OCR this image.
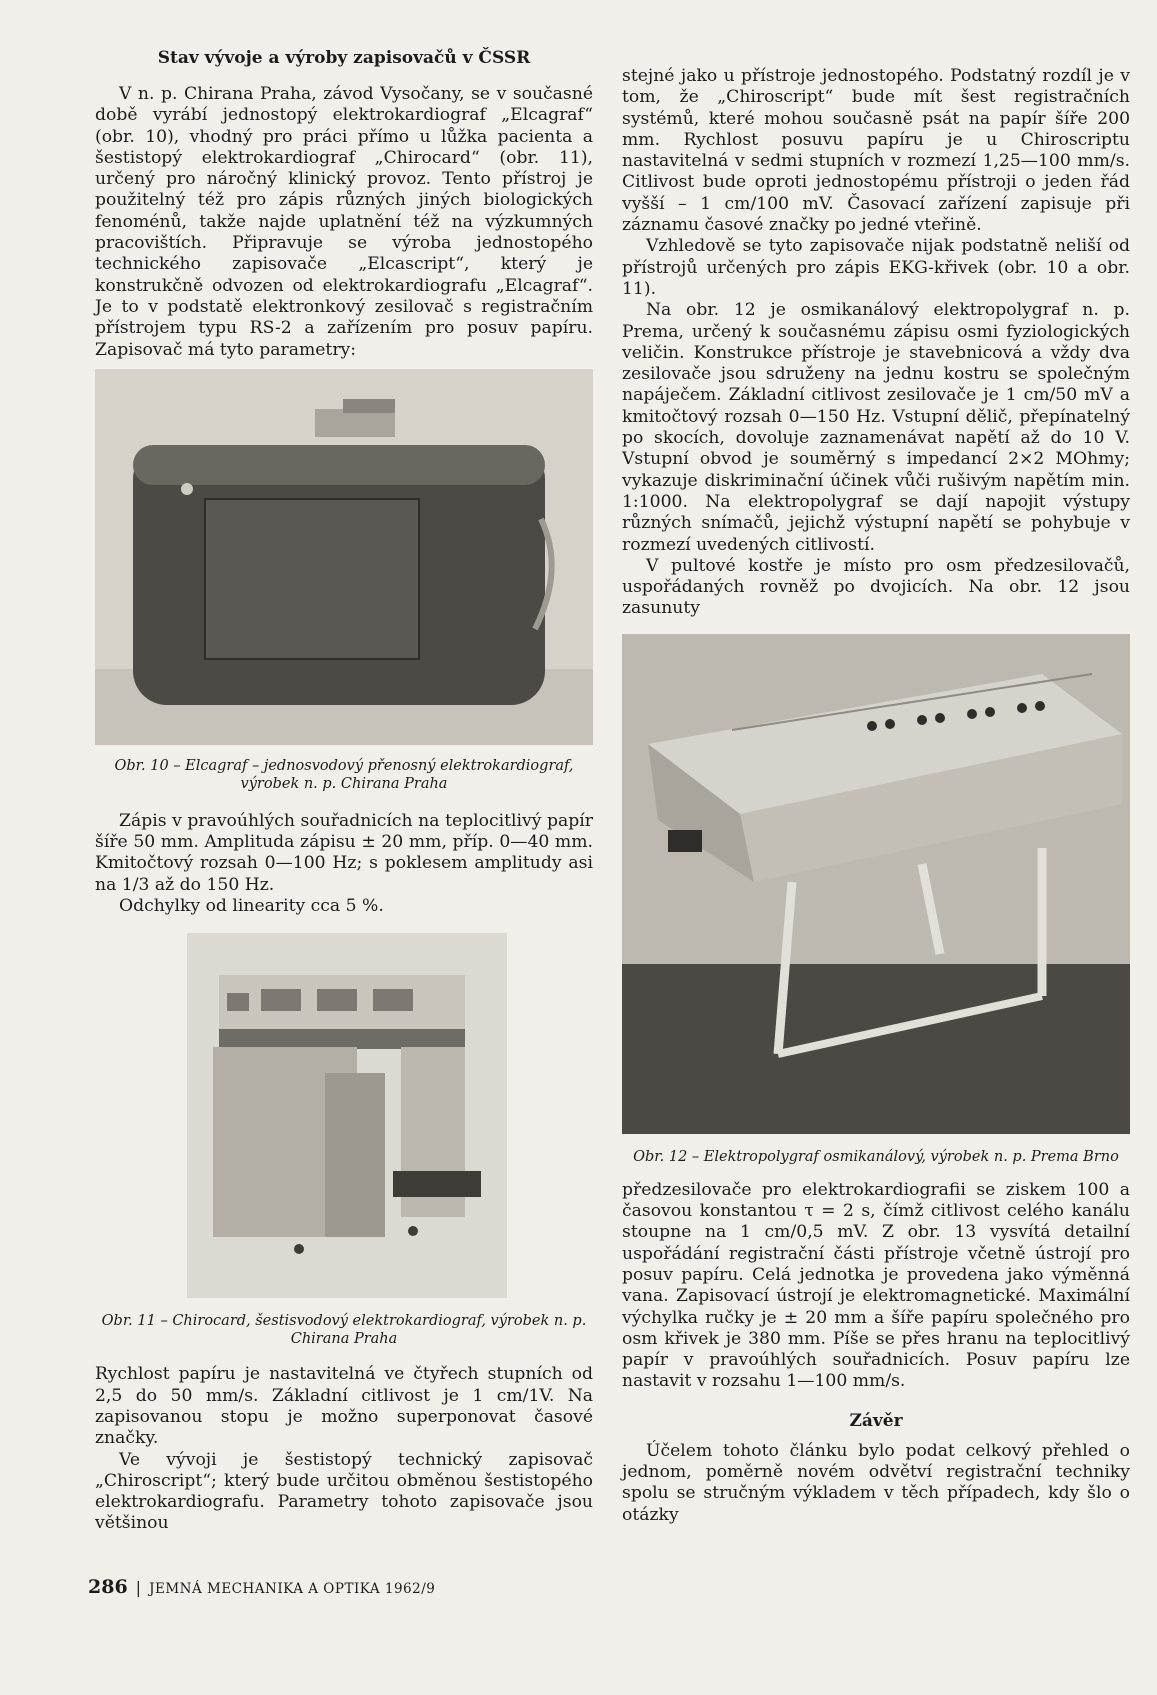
Stav vývoje a výroby zapisovačů v ČSSR

V n. p. Chirana Praha, závod Vysočany, se v současné době vyrábí jednostopý elektrokardiograf „Elcagraf“ (obr. 10), vhodný pro práci přímo u lůžka pacienta a šestistopý elektrokardiograf „Chirocard“ (obr. 11), určený pro náročný klinický provoz. Tento přístroj je použitelný též pro zápis různých jiných biologických fenoménů, takže najde uplatnění též na výzkumných pracovištích. Připravuje se výroba jednostopého technického zapisovače „Elcascript“, který je konstrukčně odvozen od elektrokardiografu „Elcagraf“. Je to v podstatě elektronkový zesilovač s registračním přístrojem typu RS-2 a zařízením pro posuv papíru. Zapisovač má tyto parametry:

Obr. 10 – Elcagraf – jednosvodový přenosný elektrokardiograf, výrobek n. p. Chirana Praha

Zápis v pravoúhlých souřadnicích na teplocitlivý papír šíře 50 mm. Amplituda zápisu ± 20 mm, příp. 0—40 mm. Kmitočtový rozsah 0—100 Hz; s poklesem amplitudy asi na 1/3 až do 150 Hz.

Odchylky od linearity cca 5 %.

Obr. 11 – Chirocard, šestisvodový elektrokardiograf, výrobek n. p. Chirana Praha

Rychlost papíru je nastavitelná ve čtyřech stupních od 2,5 do 50 mm/s. Základní citlivost je 1 cm/1V. Na zapisovanou stopu je možno superponovat časové značky.

Ve vývoji je šestistopý technický zapisovač „Chiroscript“; který bude určitou obměnou šestistopého elektrokardiografu. Parametry tohoto zapisovače jsou většinou

stejné jako u přístroje jednostopého. Podstatný rozdíl je v tom, že „Chiroscript“ bude mít šest registračních systémů, které mohou současně psát na papír šíře 200 mm. Rychlost posuvu papíru je u Chiroscriptu nastavitelná v sedmi stupních v rozmezí 1,25—100 mm/s. Citlivost bude oproti jednostopému přístroji o jeden řád vyšší – 1 cm/100 mV. Časovací zařízení zapisuje při záznamu časové značky po jedné vteřině.

Vzhledově se tyto zapisovače nijak podstatně neliší od přístrojů určených pro zápis EKG-křivek (obr. 10 a obr. 11).

Na obr. 12 je osmikanálový elektropolygraf n. p. Prema, určený k současnému zápisu osmi fyziologických veličin. Konstrukce přístroje je stavebnicová a vždy dva zesilovače jsou sdruženy na jednu kostru se společným napáječem. Základní citlivost zesilovače je 1 cm/50 mV a kmitočtový rozsah 0—150 Hz. Vstupní dělič, přepínatelný po skocích, dovoluje zaznamenávat napětí až do 10 V. Vstupní obvod je souměrný s impedancí 2×2 MOhmy; vykazuje diskriminační účinek vůči rušivým napětím min. 1:1000. Na elektropolygraf se dají napojit výstupy různých snímačů, jejichž výstupní napětí se pohybuje v rozmezí uvedených citlivostí.

V pultové kostře je místo pro osm předzesilovačů, uspořádaných rovněž po dvojicích. Na obr. 12 jsou zasunuty

Obr. 12 – Elektropolygraf osmikanálový, výrobek n. p. Prema Brno

předzesilovače pro elektrokardiografii se ziskem 100 a časovou konstantou τ = 2 s, čímž citlivost celého kanálu stoupne na 1 cm/0,5 mV. Z obr. 13 vysvítá detailní uspořádání registrační části přístroje včetně ústrojí pro posuv papíru. Celá jednotka je provedena jako výměnná vana. Zapisovací ústrojí je elektromagnetické. Maximální výchylka ručky je ± 20 mm a šíře papíru společného pro osm křivek je 380 mm. Píše se přes hranu na teplocitlivý papír v pravoúhlých souřadnicích. Posuv papíru lze nastavit v rozsahu 1—100 mm/s.

Závěr

Účelem tohoto článku bylo podat celkový přehled o jednom, poměrně novém odvětví registrační techniky spolu se stručným výkladem v těch případech, kdy šlo o otázky

286 | JEMNÁ MECHANIKA A OPTIKA 1962/9
